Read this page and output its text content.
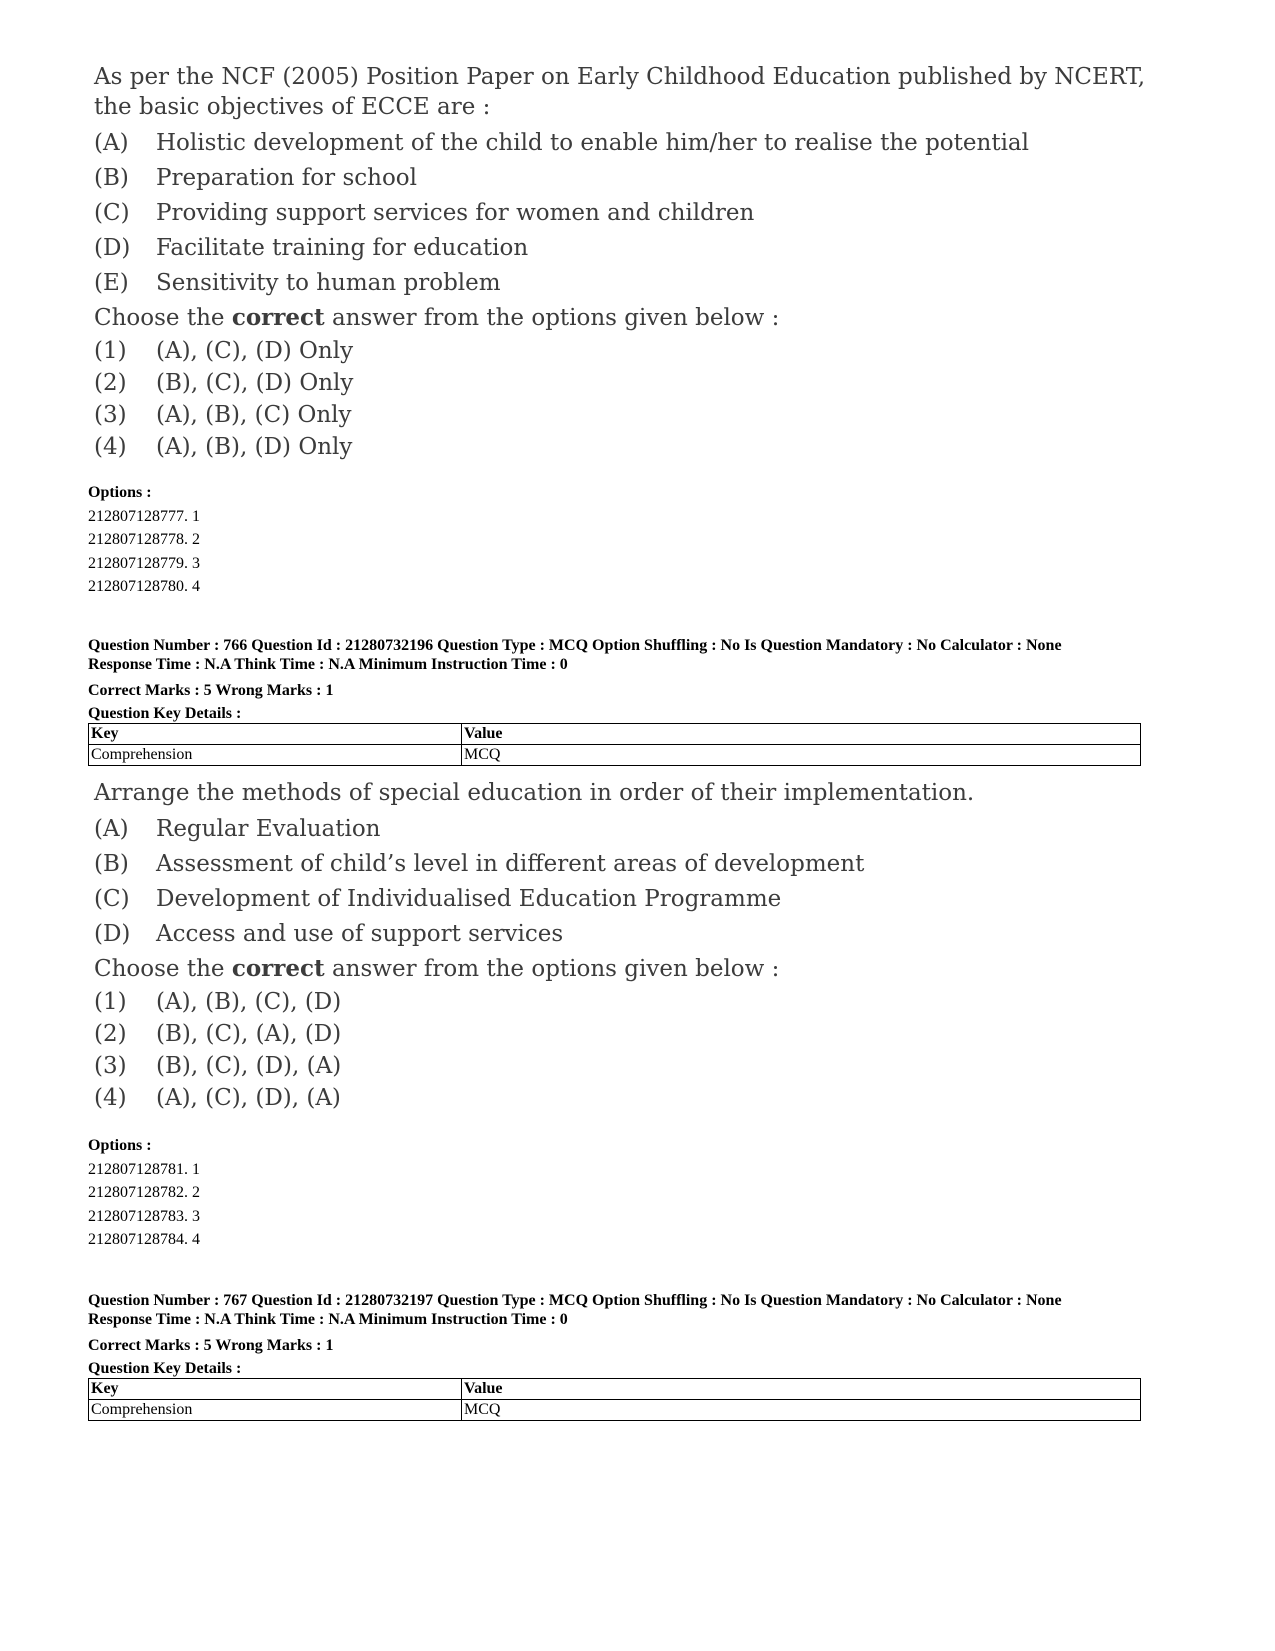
As per the NCF (2005) Position Paper on Early Childhood Education published by NCERT, the basic objectives of ECCE are :

(A) Holistic development of the child to enable him/her to realise the potential
(B) Preparation for school
(C) Providing support services for women and children
(D) Facilitate training for education
(E) Sensitivity to human problem
Choose the correct answer from the options given below :
(1) (A), (C), (D) Only
(2) (B), (C), (D) Only
(3) (A), (B), (C) Only
(4) (A), (B), (D) Only
Options :
212807128777. 1
212807128778. 2
212807128779. 3
212807128780. 4
Question Number : 766 Question Id : 21280732196 Question Type : MCQ Option Shuffling : No Is Question Mandatory : No Calculator : None
Response Time : N.A Think Time : N.A Minimum Instruction Time : 0
Correct Marks : 5 Wrong Marks : 1
Question Key Details :
Key	Value
Comprehension	MCQ

Arrange the methods of special education in order of their implementation.

(A) Regular Evaluation
(B) Assessment of child’s level in different areas of development
(C) Development of Individualised Education Programme
(D) Access and use of support services
Choose the correct answer from the options given below :
(1) (A), (B), (C), (D)
(2) (B), (C), (A), (D)
(3) (B), (C), (D), (A)
(4) (A), (C), (D), (A)
Options :
212807128781. 1
212807128782. 2
212807128783. 3
212807128784. 4
Question Number : 767 Question Id : 21280732197 Question Type : MCQ Option Shuffling : No Is Question Mandatory : No Calculator : None
Response Time : N.A Think Time : N.A Minimum Instruction Time : 0
Correct Marks : 5 Wrong Marks : 1
Question Key Details :
Key	Value
Comprehension	MCQ
